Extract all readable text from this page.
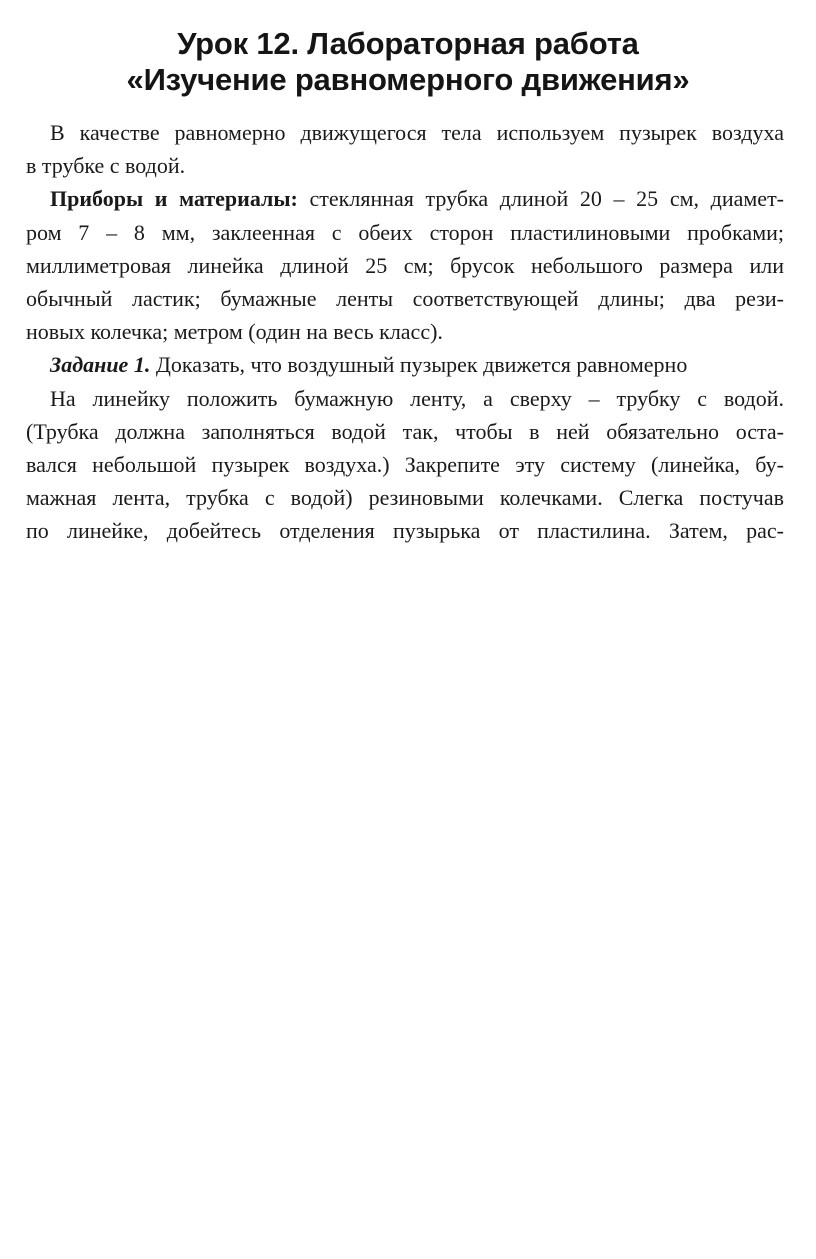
Урок 12. Лабораторная работа
«Изучение равномерного движения»
В качестве равномерно движущегося тела используем пузырек воздуха
в трубке с водой.
Приборы и материалы: стеклянная трубка длиной 20 – 25 см, диамет-
ром 7 – 8 мм, заклеенная с обеих сторон пластилиновыми пробками;
миллиметровая линейка длиной 25 см; брусок небольшого размера или
обычный ластик; бумажные ленты соответствующей длины; два рези-
новых колечка; метром (один на весь класс).
Задание 1. Доказать, что воздушный пузырек движется равномерно
На линейку положить бумажную ленту, а сверху – трубку с водой.
(Трубка должна заполняться водой так, чтобы в ней обязательно оста-
вался небольшой пузырек воздуха.) Закрепите эту систему (линейка, бу-
мажная лента, трубка с водой) резиновыми колечками. Слегка постучав
по линейке, добейтесь отделения пузырька от пластилина. Затем, рас-
